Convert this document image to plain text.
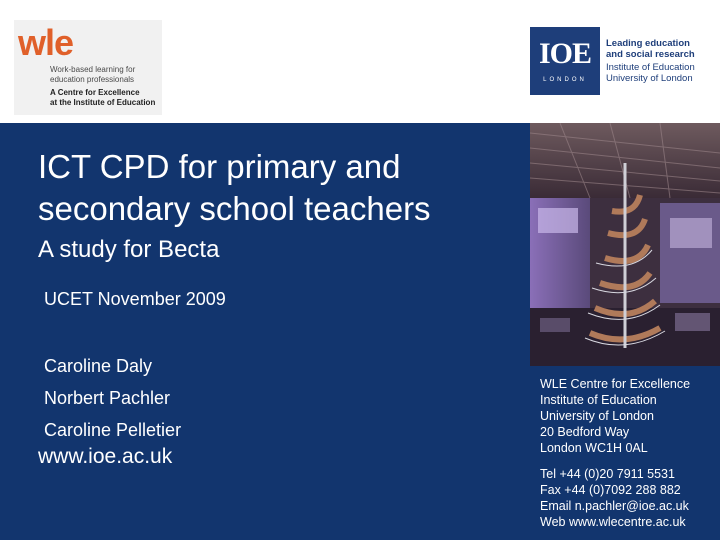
wle
Work-based learning for
education professionals
A Centre for Excellence
at the Institute of Education
IOE
LONDON
Leading education
and social research
Institute of Education
University of London
ICT CPD for primary and
secondary school teachers
A study for Becta
UCET November 2009
Caroline Daly
Norbert Pachler
Caroline Pelletier
www.ioe.ac.uk
WLE Centre for Excellence
Institute of Education
University of London
20 Bedford Way
London WC1H 0AL
Tel +44 (0)20 7911 5531
Fax +44 (0)7092 288 882
Email n.pachler@ioe.ac.uk
Web www.wlecentre.ac.uk
